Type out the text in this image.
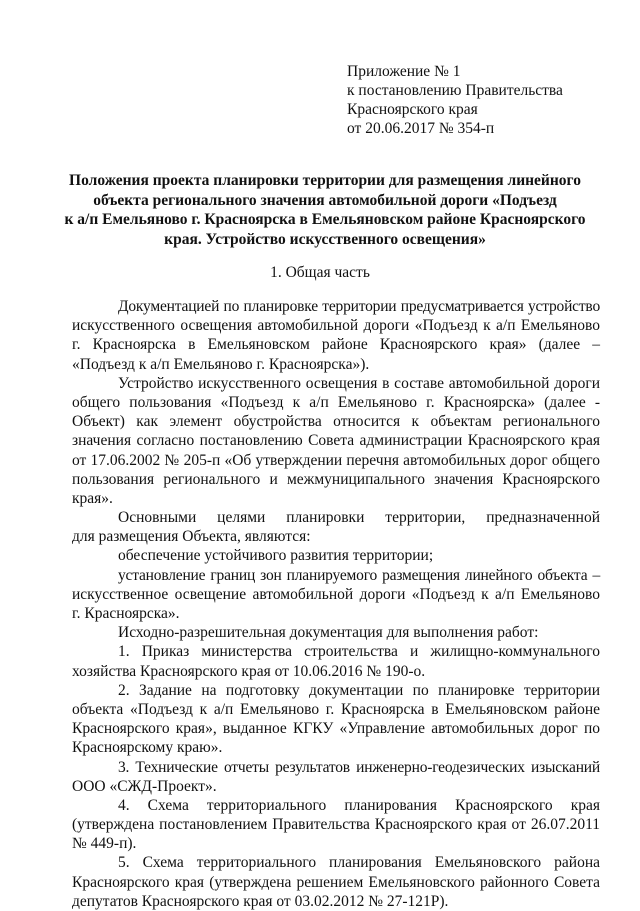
Приложение № 1
к постановлению Правительства
Красноярского края
от 20.06.2017 № 354-п
Положения проекта планировки территории для размещения линейного
объекта регионального значения автомобильной дороги «Подъезд
к а/п Емельяново г. Красноярска в Емельяновском районе Красноярского
края. Устройство искусственного освещения»
1. Общая часть
Документацией по планировке территории предусматривается устройство
искусственного освещения автомобильной дороги «Подъезд к а/п Емельяново
г. Красноярска в Емельяновском районе Красноярского края» (далее –
«Подъезд к а/п Емельяново г. Красноярска»).
Устройство искусственного освещения в составе автомобильной дороги
общего пользования «Подъезд к а/п Емельяново г. Красноярска» (далее -
Объект) как элемент обустройства относится к объектам регионального
значения согласно постановлению Совета администрации Красноярского края
от 17.06.2002 № 205-п «Об утверждении перечня автомобильных дорог общего
пользования регионального и межмуниципального значения Красноярского
края».
Основными целями планировки территории, предназначенной
для размещения Объекта, являются:
обеспечение устойчивого развития территории;
установление границ зон планируемого размещения линейного объекта –
искусственное освещение автомобильной дороги «Подъезд к а/п Емельяново
г. Красноярска».
Исходно-разрешительная документация для выполнения работ:
1. Приказ министерства строительства и жилищно-коммунального
хозяйства Красноярского края от 10.06.2016 № 190-о.
2. Задание на подготовку документации по планировке территории
объекта «Подъезд к а/п Емельяново г. Красноярска в Емельяновском районе
Красноярского края», выданное КГКУ «Управление автомобильных дорог по
Красноярскому краю».
3. Технические отчеты результатов инженерно-геодезических изысканий
ООО «СЖД-Проект».
4. Схема территориального планирования Красноярского края
(утверждена постановлением Правительства Красноярского края от 26.07.2011
№ 449-п).
5. Схема территориального планирования Емельяновского района
Красноярского края (утверждена решением Емельяновского районного Совета
депутатов Красноярского края от 03.02.2012 № 27-121Р).
